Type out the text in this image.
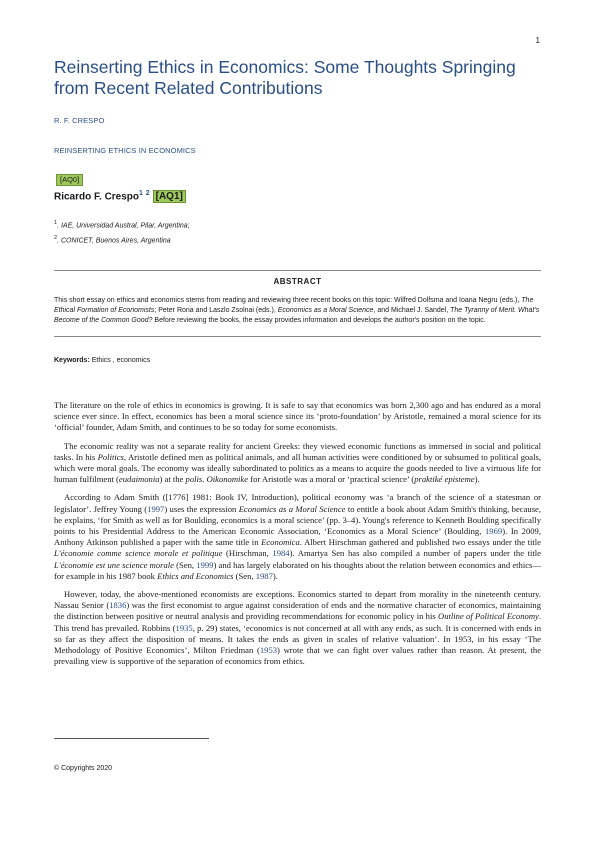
1
Reinserting Ethics in Economics: Some Thoughts Springing from Recent Related Contributions
R. F. CRESPO
REINSERTING ETHICS IN ECONOMICS
[AQ0]
Ricardo F. Crespo$^1$ $^2$ [AQ1]
$^1$. IAE, Universidad Austral, Pilar, Argentina;
$^2$. CONICET, Buenos Aires, Argentina
ABSTRACT
This short essay on ethics and economics stems from reading and reviewing three recent books on this topic: Wilfred Dolfsma and Ioana Negru (eds.), The Ethical Formation of Economists; Peter Rona and Laszlo Zsolnai (eds.), Economics as a Moral Science, and Michael J. Sandel, The Tyranny of Merit. What's Become of the Common Good? Before reviewing the books, the essay provides information and develops the author's position on the topic.
Keywords: Ethics , economics

The literature on the role of ethics in economics is growing. It is safe to say that economics was born 2,300 ago and has endured as a moral science ever since. In effect, economics has been a moral science since its ‘proto-foundation’ by Aristotle, remained a moral science for its ‘official’ founder, Adam Smith, and continues to be so today for some economists.

The economic reality was not a separate reality for ancient Greeks: they viewed economic functions as immersed in social and political tasks. In his Politics, Aristotle defined men as political animals, and all human activities were conditioned by or subsumed to political goals, which were moral goals. The economy was ideally subordinated to politics as a means to acquire the goods needed to live a virtuous life for human fulfilment (eudaimonia) at the polis. Oikonomike for Aristotle was a moral or ‘practical science’ (praktiké episteme).

According to Adam Smith ([1776] 1981: Book IV, Introduction), political economy was ‘a branch of the science of a statesman or legislator’. Jeffrey Young (1997) uses the expression Economics as a Moral Science to entitle a book about Adam Smith's thinking, because, he explains, ‘for Smith as well as for Boulding, economics is a moral science’ (pp. 3–4). Young's reference to Kenneth Boulding specifically points to his Presidential Address to the American Economic Association, ‘Economics as a Moral Science’ (Boulding, 1969). In 2009, Anthony Atkinson published a paper with the same title in Economica. Albert Hirschman gathered and published two essays under the title L'économie comme science morale et politique (Hirschman, 1984). Amartya Sen has also compiled a number of papers under the title L'économie est une science morale (Sen, 1999) and has largely elaborated on his thoughts about the relation between economics and ethics—for example in his 1987 book Ethics and Economics (Sen, 1987).

However, today, the above-mentioned economists are exceptions. Economics started to depart from morality in the nineteenth century. Nassau Senior (1836) was the first economist to argue against consideration of ends and the normative character of economics, maintaining the distinction between positive or neutral analysis and providing recommendations for economic policy in his Outline of Political Economy. This trend has prevailed. Robbins (1935, p. 29) states, ‘economics is not concerned at all with any ends, as such. It is concerned with ends in so far as they affect the disposition of means. It takes the ends as given in scales of relative valuation’. In 1953, in his essay ‘The Methodology of Positive Economics’, Milton Friedman (1953) wrote that we can fight over values rather than reason. At present, the prevailing view is supportive of the separation of economics from ethics.

© Copyrights 2020
